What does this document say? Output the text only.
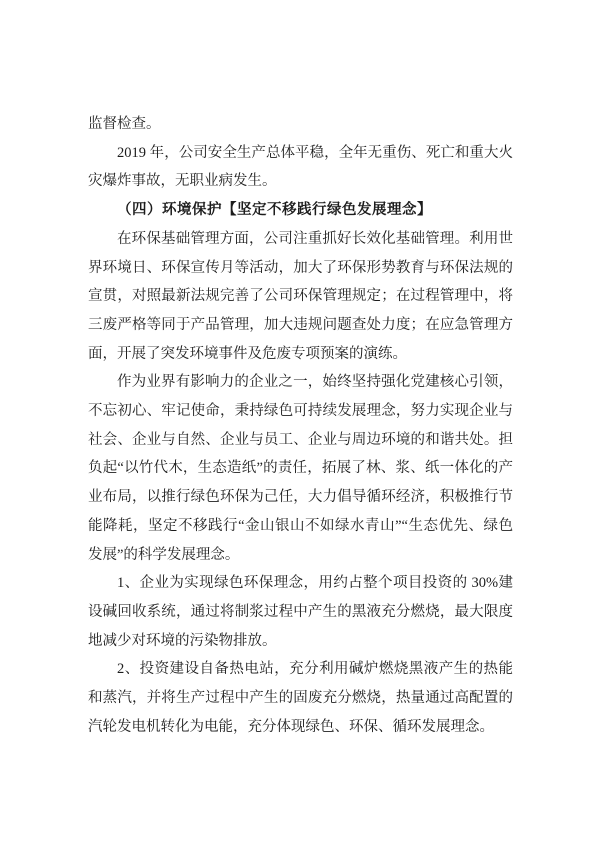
监督检查。

2019 年，公司安全生产总体平稳，全年无重伤、死亡和重大火灾爆炸事故，无职业病发生。

（四）环境保护【坚定不移践行绿色发展理念】

在环保基础管理方面，公司注重抓好长效化基础管理。利用世界环境日、环保宣传月等活动，加大了环保形势教育与环保法规的宣贯，对照最新法规完善了公司环保管理规定；在过程管理中，将三废严格等同于产品管理，加大违规问题查处力度；在应急管理方面，开展了突发环境事件及危废专项预案的演练。

作为业界有影响力的企业之一，始终坚持强化党建核心引领，不忘初心、牢记使命，秉持绿色可持续发展理念，努力实现企业与社会、企业与自然、企业与员工、企业与周边环境的和谐共处。担负起“以竹代木，生态造纸”的责任，拓展了林、浆、纸一体化的产业布局，以推行绿色环保为己任，大力倡导循环经济，积极推行节能降耗，坚定不移践行“金山银山不如绿水青山”“生态优先、绿色发展”的科学发展理念。

1、企业为实现绿色环保理念，用约占整个项目投资的 30%建设碱回收系统，通过将制浆过程中产生的黑液充分燃烧，最大限度地减少对环境的污染物排放。

2、投资建设自备热电站，充分利用碱炉燃烧黑液产生的热能和蒸汽，并将生产过程中产生的固废充分燃烧，热量通过高配置的汽轮发电机转化为电能，充分体现绿色、环保、循环发展理念。
